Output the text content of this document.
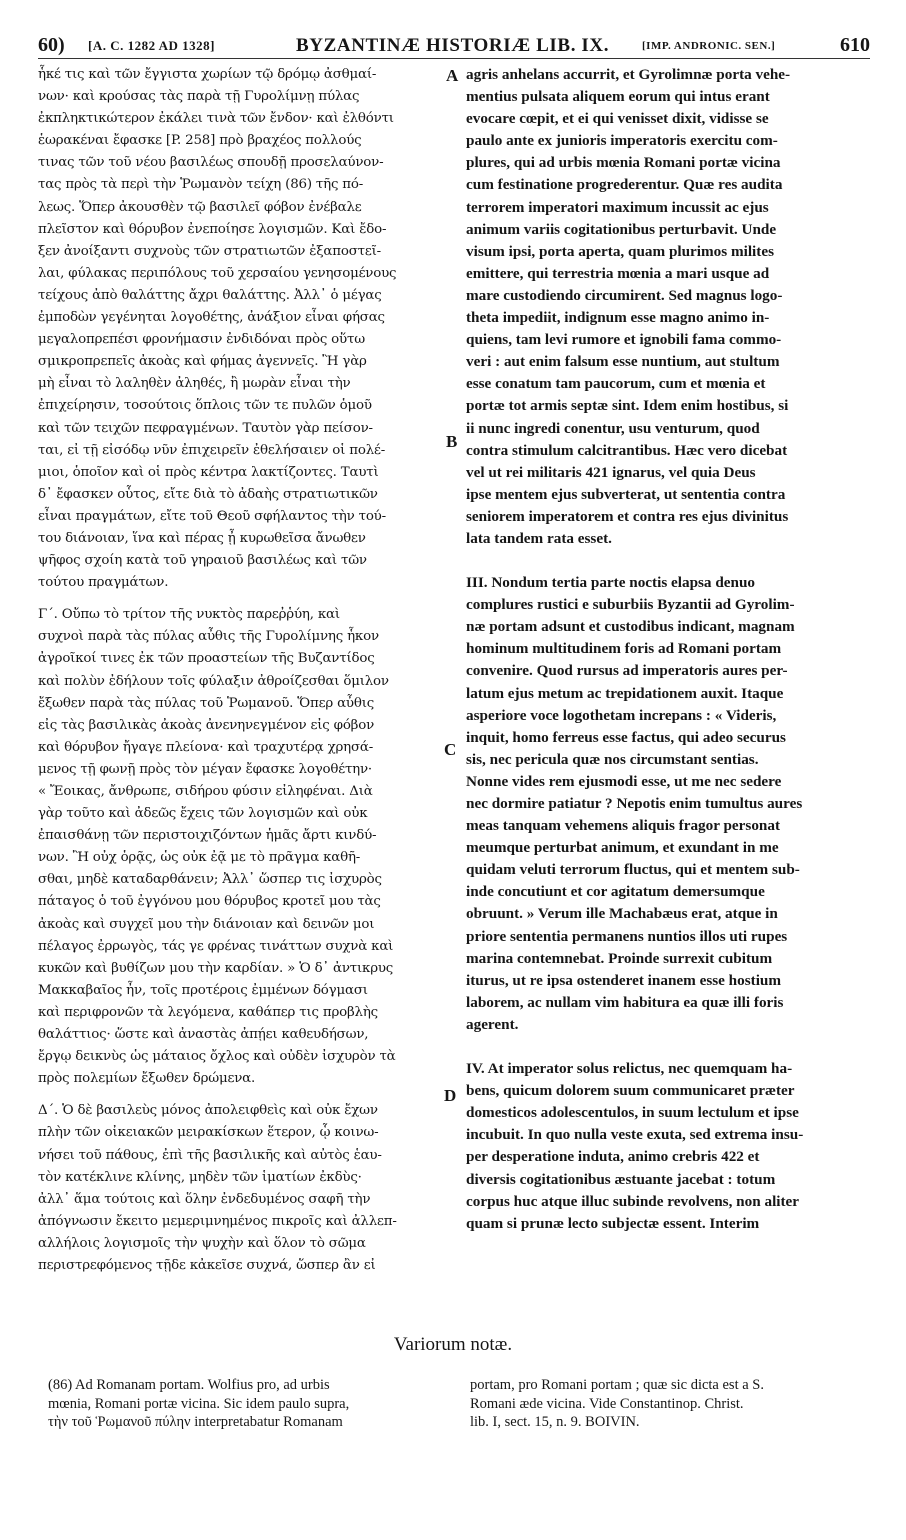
60) [A. C. 1282 AD 1328]	BYZANTINÆ HISTORIÆ LIB. IX.	[IMP. ANDRONIC. SEN.]	610

ἧκέ τις καὶ τῶν ἔγγιστα χωρίων τῷ δρόμῳ ἀσθμαί-
νων· καὶ κρούσας τὰς παρὰ τῇ Γυρολίμνῃ πύλας
ἐκπληκτικώτερον ἐκάλει τινὰ τῶν ἔνδον· καὶ ἐλθόντι
ἑωρακέναι ἔφασκε [P. 258] πρὸ βραχέος πολλούς
τινας τῶν τοῦ νέου βασιλέως σπουδῇ προσελαύνον-
τας πρὸς τὰ περὶ τὴν Ῥωμανὸν τείχη (86) τῆς πό-
λεως. Ὅπερ ἀκουσθὲν τῷ βασιλεῖ φόβον ἐνέβαλε
πλεῖστον καὶ θόρυβον ἐνεποίησε λογισμῶν. Καὶ ἔδο-
ξεν ἀνοίξαντι συχνοὺς τῶν στρατιωτῶν ἐξαποστεῖ-
λαι, φύλακας περιπόλους τοῦ χερσαίου γενησομένους
τείχους ἀπὸ θαλάττης ἄχρι θαλάττης. Ἀλλ᾽ ὁ μέγας
ἐμποδὼν γεγένηται λογοθέτης, ἀνάξιον εἶναι φήσας
μεγαλοπρεπέσι φρονήμασιν ἐνδιδόναι πρὸς οὕτω
σμικροπρεπεῖς ἀκοὰς καὶ φήμας ἀγεννεῖς. Ἢ γὰρ
μὴ εἶναι τὸ λαληθὲν ἀληθές, ἢ μωρὰν εἶναι τὴν
ἐπιχείρησιν, τοσούτοις ὅπλοις τῶν τε πυλῶν ὁμοῦ
καὶ τῶν τειχῶν πεφραγμένων. Ταυτὸν γὰρ πείσον-
ται, εἰ τῇ εἰσόδῳ νῦν ἐπιχειρεῖν ἐθελήσαιεν οἱ πολέ-
μιοι, ὁποῖον καὶ οἱ πρὸς κέντρα λακτίζοντες. Ταυτὶ
δ᾽ ἔφασκεν οὗτος, εἴτε διὰ τὸ ἀδαὴς στρατιωτικῶν
εἶναι πραγμάτων, εἴτε τοῦ Θεοῦ σφήλαντος τὴν τού-
του διάνοιαν, ἵνα καὶ πέρας ᾖ κυρωθεῖσα ἄνωθεν
ψῆφος σχοίη κατὰ τοῦ γηραιοῦ βασιλέως καὶ τῶν
τούτου πραγμάτων.

Γ΄. Οὔπω τὸ τρίτον τῆς νυκτὸς παρεῤῥύη, καὶ
συχνοὶ παρὰ τὰς πύλας αὖθις τῆς Γυρολίμνης ἧκον
ἀγροῖκοί τινες ἐκ τῶν προαστείων τῆς Βυζαντίδος
καὶ πολὺν ἐδήλουν τοῖς φύλαξιν ἀθροίζεσθαι ὅμιλον
ἔξωθεν παρὰ τὰς πύλας τοῦ Ῥωμανοῦ. Ὅπερ αὖθις
εἰς τὰς βασιλικὰς ἀκοὰς ἀνενηνεγμένον εἰς φόβον
καὶ θόρυβον ἤγαγε πλείονα· καὶ τραχυτέρᾳ χρησά-
μενος τῇ φωνῇ πρὸς τὸν μέγαν ἔφασκε λογοθέτην·
« Ἔοικας, ἄνθρωπε, σιδήρου φύσιν εἰληφέναι. Διὰ
γὰρ τοῦτο καὶ ἀδεῶς ἔχεις τῶν λογισμῶν καὶ οὐκ
ἐπαισθάνῃ τῶν περιστοιχιζόντων ἡμᾶς ἄρτι κινδύ-
νων. Ἢ οὐχ ὁρᾷς, ὡς οὐκ ἐᾷ με τὸ πρᾶγμα καθῆ-
σθαι, μηδὲ καταδαρθάνειν; Ἀλλ᾽ ὥσπερ τις ἰσχυρὸς
πάταγος ὁ τοῦ ἐγγόνου μου θόρυβος κροτεῖ μου τὰς
ἀκοὰς καὶ συγχεῖ μου τὴν διάνοιαν καὶ δεινῶν μοι
πέλαγος ἐρρωγὸς, τάς γε φρένας τινάττων συχνὰ καὶ
κυκῶν καὶ βυθίζων μου τὴν καρδίαν. » Ὁ δ᾽ ἀντικρυς
Μακκαβαῖος ἦν, τοῖς προτέροις ἐμμένων δόγμασι
καὶ περιφρονῶν τὰ λεγόμενα, καθάπερ τις προβλὴς
θαλάττιος· ὥστε καὶ ἀναστὰς ἀπῄει καθευδήσων,
ἔργῳ δεικνὺς ὡς μάταιος ὄχλος καὶ οὐδὲν ἰσχυρὸν τὰ
πρὸς πολεμίων ἔξωθεν δρώμενα.

Δ΄. Ὁ δὲ βασιλεὺς μόνος ἀπολειφθεὶς καὶ οὐκ ἔχων
πλὴν τῶν οἰκειακῶν μειρακίσκων ἕτερον, ᾧ κοινω-
νήσει τοῦ πάθους, ἐπὶ τῆς βασιλικῆς καὶ αὐτὸς ἑαυ-
τὸν κατέκλινε κλίνης, μηδὲν τῶν ἱματίων ἐκδὺς·
ἀλλ᾽ ἅμα τούτοις καὶ ὅλην ἐνδεδυμένος σαφῆ τὴν
ἀπόγνωσιν ἔκειτο μεμεριμνημένος πικροῖς καὶ ἀλλεπ-
αλλήλοις λογισμοῖς τὴν ψυχὴν καὶ ὅλον τὸ σῶμα
περιστρεφόμενος τῇδε κἀκεῖσε συχνά, ὥσπερ ἂν εἰ

A
B
C
D

agris anhelans accurrit, et Gyrolimnæ porta vehe-
mentius pulsata aliquem eorum qui intus erant
evocare cœpit, et ei qui venisset dixit, vidisse se
paulo ante ex junioris imperatoris exercitu com-
plures, qui ad urbis mœnia Romani portæ vicina
cum festinatione progrederentur. Quæ res audita
terrorem imperatori maximum incussit ac ejus
animum variis cogitationibus perturbavit. Unde
visum ipsi, porta aperta, quam plurimos milites
emittere, qui terrestria mœnia a mari usque ad
mare custodiendo circumirent. Sed magnus logo-
theta impediit, indignum esse magno animo in-
quiens, tam levi rumore et ignobili fama commo-
veri : aut enim falsum esse nuntium, aut stultum
esse conatum tam paucorum, cum et mœnia et
portæ tot armis septæ sint. Idem enim hostibus, si
ii nunc ingredi conentur, usu venturum, quod
contra stimulum calcitrantibus. Hæc vero dicebat
vel ut rei militaris 421 ignarus, vel quia Deus
ipse mentem ejus subverterat, ut sententia contra
seniorem imperatorem et contra res ejus divinitus
lata tandem rata esset.

III. Nondum tertia parte noctis elapsa denuo
complures rustici e suburbiis Byzantii ad Gyrolim-
næ portam adsunt et custodibus indicant, magnam
hominum multitudinem foris ad Romani portam
convenire. Quod rursus ad imperatoris aures per-
latum ejus metum ac trepidationem auxit. Itaque
asperiore voce logothetam increpans : « Videris,
inquit, homo ferreus esse factus, qui adeo securus
sis, nec pericula quæ nos circumstant sentias.
Nonne vides rem ejusmodi esse, ut me nec sedere
nec dormire patiatur ? Nepotis enim tumultus aures
meas tanquam vehemens aliquis fragor personat
meumque perturbat animum, et exundant in me
quidam veluti terrorum fluctus, qui et mentem sub-
inde concutiunt et cor agitatum demersumque
obruunt. » Verum ille Machabæus erat, atque in
priore sententia permanens nuntios illos uti rupes
marina contemnebat. Proinde surrexit cubitum
iturus, ut re ipsa ostenderet inanem esse hostium
laborem, ac nullam vim habitura ea quæ illi foris
agerent.

IV. At imperator solus relictus, nec quemquam ha-
bens, quicum dolorem suum communicaret præter
domesticos adolescentulos, in suum lectulum et ipse
incubuit. In quo nulla veste exuta, sed extrema insu-
per desperatione induta, animo crebris 422 et
diversis cogitationibus æstuante jacebat : totum
corpus huc atque illuc subinde revolvens, non aliter
quam si prunæ lecto subjectæ essent. Interim

Variorum notæ.
(86) Ad Romanam portam. Wolfius pro, ad urbis
mœnia, Romani portæ vicina. Sic idem paulo supra,
τὴν τοῦ Ῥωμανοῦ πύλην interpretabatur Romanam
portam, pro Romani portam ; quæ sic dicta est a S.
Romani æde vicina. Vide Constantinop. Christ.
lib. I, sect. 15, n. 9. BOIVIN.
